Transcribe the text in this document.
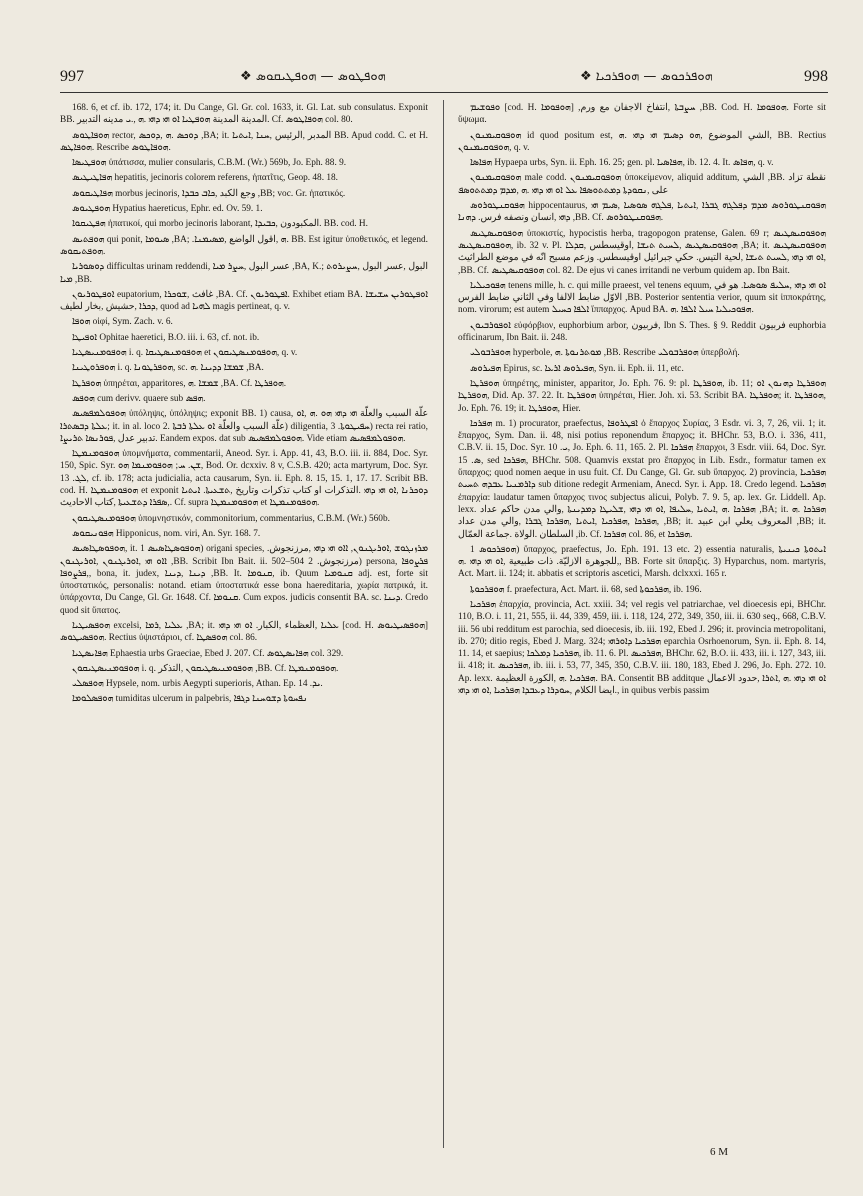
997	ܗܘܦܛܘܣ — ܗܘܦܛܝܩܘܣ ❖	ܗܘܦܪܟܘܣ — ܗܘܦܪܟܝܐ ❖	998

168. 6, et cf. ib. 172, 174; it. Du Cange, Gl. Gr. col. 1633, it. Gl. Lat. sub consulatus. Exponit BB. المدينة المدينة ܗܘܦܛܝܐ ܐܘ ܗܝ ܕܗܝ .ܗ ,.ܝ مدينه التدبير. Cf. ܗܘܦܐܛܘܣ col. 80.

ܗܘܦܐܛܘܣ rector, ܕܘܟܣ .ܗ ,ܕܘܟܣ ,BA; it. المدبر ,الرئيس ,ܚܢܐ ,ܐܝܬܝܐ BB. Apud codd. C. et H. ܗܘܦܐܛܣ. Rescribe ܗܘܦܐܛܘܣ.

ܗܘܦܛܝܣܐ ὑπάτισσα, mulier consularis, C.B.M. (Wr.) 569b, Jo. Eph. 88. 9.

ܗܦܐܛܝܛܝܣ hepatitis, jecinoris colorem referens, ἡπατῖτις, Geop. 48. 18.

ܗܦܐܛܝܩܘܣ morbus jecinoris, وجع الكبد ,ܟܐܒ ܟܒܕܐ ,BB; voc. Gr. ἡπατικός.

ܗܘܦܛܝܘܣ Hypatius haereticus, Ephr. ed. Ov. 59. 1.

ܗܦܛܝܩܘܐ ἡπατικοί, qui morbo jecinoris laborant, المكبودون ,ܟܒܝܕܐ. BB. cod. H.

ܗܘܦܬܝܣ qui ponit, ܣܝܘܡܐ ,BA; .ܗ ,اقول الواضع ,ܡܣܝܡܢܐ. BB. Est igitur ὑποθετικός, et legend. ܗܘܦܬܝܩܘܣ.

ܕܘܣܘܪܝܐ difficultas urinam reddendi, عسر البول ,ܚܨܪ ܡܝܐ ,BA, K.; البول ,عسر البول ,ܚܨܝܪܘܬ ܡܝܐ ,BB.

ܐܘܦܛܘܪܝܘܢ eupatorium, غافث ,ܫܘܟܪܐ ,BA. Cf. ܐܦܛܘܪܝܘܢ. Exhibet etiam BA. ܐܘܦܛܘܪܝܢ ܚܫܝܫܐ ܕܟܪܐ ,حشيش ,بخار لطيف, quod ad ܠܗܝܐ magis pertineat, q. v.

ܗܘܦܐ οἰφί, Sym. Zach. v. 6.

ܐܘܦܝܛܐ Ophitae haeretici, B.O. iii. i. 63, cf. not. ib.

ܗܘܦܘܡܢܝܣܛܝܐ i. q. ܗܘܦܘܡܢܣܛܝܩܐ et ܗܘܦܘܡܢܣܛܝܩܘܢ, q. v.

ܗܘܦܪܘܛܝܢܐ i. q. ܗܘܦܪܛܘܢܐ, sc. ܫܡܫܐ ܕܕܝܢܐ .ܗ ,BA.

ܗܘܦܪܛܐ ὑπηρέται, apparitores, ܫܡܫܐ .ܗ ,BA. Cf. ܗܘܦܪܛܐ.

ܗܘܦܣ cum derivv. quaere sub ܗܦܣ.

ܗܘܦܘܠܡܦܣܝܣ ὑπόληψις, ὑπόληψις; exponit BB. 1) causa, علّة السبب والعلّة ܗܝ ܕܗܝ ܗܘ .ܗ ,ܐܘ ܥܠܬܐ ܕܒܣܬܪܐ; it. in al. loco علّة السبب والعلّة ܐܘ ܥܠܬܐ ܪܒܬܐ .2) diligentia, ܚܦܝܛܘܬܐ. 3) recta rei ratio, تدبير عدل ,ܦܘܪܢܣܐ ܬܪܝܨܐ. Eandem expos. dat sub ܗܘܦܘܠܡܦܣܝܣ. Vide etiam ܗܘܦܘܠܡܦܣܝܣ.

ܗܘܦܘܡܢܡܛܐ ὑπομνήματα, commentarii, Aneod. Syr. i. App. 41, 43, B.O. iii. ii. 884, Doc. Syr. 150, Spic. Syr. ܫܢ. ܚ; ܗܘܦܘܡܢܡܐ ܗܘ, Bod. Or. dcxxiv. 8 v, C.S.B. 420; acta martyrum, Doc. Syr. ܠܓ. 13, cf. ib. 178; acta judicialia, acta causarum, Syn. ii. Eph. 8. 15, 15. 1, 17. 17. Scribit BB. cod. H. ܗܘܦܘܡܢܡܛܐ et exponit ܕܘܟܪܢܐ ,ܐܘ ܗܝ ܕܗܝ .التذكرات او كتاب تذكرات وتاريخ ,ܬܫܥܝܬܐ. ܐܝܬܝܐ ,ܣܦܪܐ ܕܬܫܥܝܬܐ ,كتاب الاحاديث. Cf. supra ܗܘܦܘܡܢܡܛܐ et ܗܘܦܘܡܢܡܛܐ.

ܗܘܦܘܡܢܣܛܝܩܘܢ ὑπομνηστικόν, commonitorium, commentarius, C.B.M. (Wr.) 560b.

ܗܦܘܢܝܩܘܣ Hipponicus, nom. viri, An. Syr. 168. 7.

ܗܘܦܘܣܛܐܣܝܣ, it. ܗܘܦܘܣܛܐܣܝܣ 1) origani species, ܡܪܙܢܓܘܫ ,ܐܘܪܝܓܢܘܢ, ܐܐܘ ܗܝ ܕܗܝ ,مرزنجوش. ܐܐܘ ܗܝ ,ܐܘܪܝܓܢܘܢ ,ܐܘܪܝܓܢܘܢ ,BB. Scribit Ibn Bait. ii. 502–504 مرزنجوش. 2) persona, ܦܪܨܘܦܐ ,ܦܪܨܘܦܐ, bona, it. judex, ܕܝܢܐ ,ܕܝܢܐ ,BB. It. ܩܢܘܡܐ, ib. Quum ܩܢܘܡܝܐ adj. est, forte sit ὑποστατικός, personalis: notand. etiam ὑποστατικά esse bona haereditaria, χωρία πατρικά, it. ὑπάρχοντα, Du Cange, Gl. Gr. 1648. Cf. ܩܢܘܡܐ. Cum expos. judicis consentit BA. sc. ܕܝܢܐ. Credo quod sit ὕπατος.

ܗܘܦܣܝܛܝܐ excelsi, ܥܠܝܐ ,ܪܡܐ ,BA; it. ܥܠܝܐ ,العظماء ,الكبار. ܐܘ ܗܝ ܕܗܝ [cod. H. ܗܘܦܣܝܛܝܘܣ] ܗܘܦܣܝܛܘܣ. Rectius ὑψιστάριοι, cf. ܗܘܦܣܛܐ col. 86.

ܗܦܐܝܣܛܝܐ Ephaestia urbs Graeciae, Ebed J. 207. Cf. ܗܦܐܝܣܛܘܣ col. 329.

ܗܘܦܘܡܢܝܣܛܝܩܘܢ i. q. ܗܘܦܘܡܢܝܣܛܝܩܘܢ ,التذكر ,BB. Cf. ܗܘܦܘܡܢܡܛܐ.

ܗܘܦܣܠܝ Hypsele, nom. urbis Aegypti superioris, Athan. Ep. ܝܕ. 14.

ܗܘܦܣܠܘܡܐ tumiditas ulcerum in palpebris, ܢܦܚܘܬܐ ܕܫܘܚܢܐ ܕܓܦܐ

ܘܦܘܫܝܡ [cod. H. ܗܘܦܘܡܐ] ,ܚܨܒܬܐ ,انتفاخ الاجفان مع ورم ,BB. Cod. H. ܗܘܦܘܡܐ. Forte sit ὕψωμα.

ܗܘܦܘܩܝܡܢܘܢ id quod positum est, الشي الموضوع ,ܗܘ ܕܣܝܡ ܗܝ ܕܗܝ .ܗ, BB. Rectius ܗܘܦܘܩܝܡܢܘܢ, q. v.

ܗܦܐܣܐ Hypaepa urbs, Syn. ii. Eph. 16. 25; gen. pl. ܗܦܐܣܝܐ, ib. 12. 4. It. ܗܦܐܣ, q. v.

ܗܘܦܘܩܝܡܢܘܢ male codd. ܗܘܦܘܩܝܡܢܘܢ ὑποκείμενον, aliquid additum, الشي ,BB. نقطة تزاد على ,ܢܩܘܕܬܐ ܕܡܬܬܘܣܦܐ ܥܠ ܐܘ ܗܝ ܕܗܝ .ܗ ,ܡܕܡ ܕܡܬܬܘܣܦ

ܗܦܘܩܢܛܘܪܘܣ hippocentaurus, ܗܦܘܩܢܛܘܪܘܣ ܡܕܡ ܕܦܠܓܗ ܓܒܪܐ ,ܐܝܬܝܐ ,ܦܠܓܗ ܣܘܣܝܐ ,ܣܝܡ ܗܝ ܕܗܝ ,انسان ونصفه فرس. ܕܗܢܐ ,BB. Cf. ܗܦܘܩܢܛܘܪܘܣ.

ܗܘܦܘܩܝܣܛܝܣ ὑποκιστίς, hypocistis herba, tragopogon pratense, Galen. 69 r; ܗܘܦܘܩܝܣܛܝܣ ,ܗܘܦܘܩܝܣܛܝܣ ib. 32 v. Pl. ܗܘܦܘܩܝܣܛܝܣ ,ܠܚܝܬ ܬܝܫܐ ,اوقيسطس ,ܩܕܠܐ ,BA; it. ܗܘܦܘܩܝܣܛܝܣ ,ܐܘ ܗܝ ܕܗܝ ,ܠܚܝܬ ܬܝܫܐ ,لحية التيس. حكي جبرائيل اوقيسطس. وزعم مسيح انّه في موضع الطراثيث ,BB. Cf. ܗܘܦܘܩܝܣܛܝܣ col. 82. De ejus vi canes irritandi ne verbum quidem ap. Ibn Bait.

ܗܦܘܟܝܠܝܐ tenens mille, h. c. qui mille praeest, vel tenens equum, ܐܘ ܗܝ ܕܗܝ ,ܚܠܝܦ ܣܘܣܝܐ. هو في الاوّل ضابط الالفا وفي الثاني ضابط الفرس ,BB. Posterior sententia verior, quum sit ἱπποκράτης, nom. virorum; est autem ܐܠܦܐ ܟܚܝܠ ἵππαρχος. Apud BA. ܗܦܘܟܝܠܝܐ ܚܝܠ ܐܠܦܐ .ܗ.

ܐܘܦܘܪܒܝܘܢ εὐφόρβιον, euphorbium arbor, فربيون, Ibn S. Thes. § 9. Reddit فربيون euphorbia officinarum, Ibn Bait. ii. 248.

ܗܘܦܪܒܘܠܝ hyperbole, ܡܘܬܪܢܘܬܐ .ܗ ,BB. Rescribe ܗܘܦܪܒܘܠܝ ὑπερβολή.

ܗܦܝܪܘܣ Epirus, sc. ܗܦܝܪܘܣ ܐܪܥܐ, Syn. ii. Eph. ii. 11, etc.

ܗܘܦܪܛܐ ὑπηρέτης, minister, apparitor, Jo. Eph. 76. 9: pl. ܗܘܦܪܛܐ, ib. 11; ܗܘܦܪܛܐ ܕܗܢܘܢ ܐܘ ܗܘܦܪܛܐ, Did. Ap. 37. 22. It. ܗܘܦܪܛܐ ὑπηρέται, Hier. Joh. xi. 53. Scribit BA. ܗܘܦܪܛܐ; it. ܗܘܦܪܛܐ, Jo. Eph. 76. 19; it. ܗܘܦܪܛܐ, Hier.

ܗܦܪܟܐ m. 1) procurator, praefectus, ܐܦܛܪܘܦܐ ὁ ἔπαρχος Συρίας, 3 Esdr. vi. 3, 7, 26, vii. 1; it. ἔπαρχος, Sym. Dan. ii. 48, nisi potius reponendum ἔπαρχος; it. BHChr. 53, B.O. i. 336, 411, C.B.V. ii. 15, Doc. Syr. ܝ. 10, Jo. Eph. 6. 11, 165. 2. Pl. ܗܦܪܟܐ ἔπαρχοι, 3 Esdr. viii. 64, Doc. Syr. ܣ. 15, sed ܗܦܪܟܐ, BHChr. 508. Quamvis exstat pro ἔπαρχος in Lib. Esdr., formatur tamen ex ὕπαρχος; quod nomen aeque in usu fuit. Cf. Du Cange, Gl. Gr. sub ὕπαρχος. 2) provincia, ܗܦܪܟܝܐ ܕܐܪܡܢܝܐ ܥܒܕܗ ܬܚܝܬ sub ditione redegit Armeniam, Anecd. Syr. i. App. 18. Credo legend. ܗܦܪܟܝܐ ἐπαρχία: laudatur tamen ὕπαρχος τινος subjectus alicui, Polyb. 7. 9. 5, ap. lex. Gr. Liddell. Ap. lexx. ܗܦܪܟܐ .ܗ ,ܐܝܬܝܐ ,ܚܠܝܦܐ ,ܐܘ ܗܝ ܕܗܝ ,ܫܠܝܛܐ ܕܡܕܝܢܬܐ ,والي مدن حاكم عداد ,BA; it. ܗܦܪܟܐ .ܗ ,ܗܦܪܟܐ ,ܗܦܪܟܝܐ ,ܐܝܬܝܐ ,ܗܦܪܟܐ ܓܒܪܐ ,والي مدن عداد ,BB; it. المعروف يعلي ابن عبيد ,BB; it. السلطان .الولاة .جماعة العمّال ,ib. Cf. ܗܦܪܟܐ col. 86, et ܗܦܪܟܐ.

ܗܘܦܪܟܘܣ 1) ὕπαρχος, praefectus, Jo. Eph. 191. 13 etc. 2) essentia naturalis, ܐܝܬܘܬܐ ܟܝܢܝܬܐ ,للجوهرة الازليّة. ذات طبيعية ,ܐܘ ܗܝ ܕܗܝ .ܗ, BB. Forte sit ὕπαρξις. 3) Hyparchus, nom. martyris, Act. Mart. ii. 124; it. abbatis et scriptoris ascetici, Marsh. dclxxxi. 165 r.

ܗܘܦܪܟܘܬܐ f. praefectura, Act. Mart. ii. 68, sed ܗܦܪܟܘܬܐ, ib. 196.

ܗܦܪܟܝܐ ἐπαρχία, provincia, Act. xxiii. 34; vel regis vel patriarchae, vel dioecesis epi, BHChr. 110, B.O. i. 11, 21, 555, ii. 44, 339, 459, iii. i. 118, 124, 272, 349, 350, iii. ii. 630 seq., 668, C.B.V. iii. 56 ubi redditum est parochia, sed dioecesis, ib. iii. 192, Ebed J. 296; it. provincia metropolitani, ib. 270; ditio regis, Ebed J. Marg. 324; ܗܦܪܟܝܐ ܕܐܘܪܗܝ eparchia Osrhoenorum, Syn. ii. Eph. 8. 14, 11. 14, et saepius; ܗܦܪܟܝܐ ܕܡܠܟܐ, ib. 11. 6. Pl. ܗܦܪܟܝܣ, BHChr. 62, B.O. ii. 433, iii. i. 127, 343, iii. ii. 418; it. ܗܦܪܟܝܣ, ib. iii. i. 53, 77, 345, 350, C.B.V. iii. 180, 183, Ebed J. 296, Jo. Eph. 272. 10. Ap. lexx. ܗܦܪܟܝܐ .ܗ ,الكورة العظيمة. BA. Consentit BB additque ܐܘ ܗܝ ܕܗܝ .ܗ ,ܐܬܪܐ ,حدود الاعمال .ايضا الكلام ,ܚܘܕܪܐ ܕܥܒܕܐ ܗܦܪܟܝܐ ,ܐܘ ܗܝ ܕܗܝ, in quibus verbis passim

6 M
